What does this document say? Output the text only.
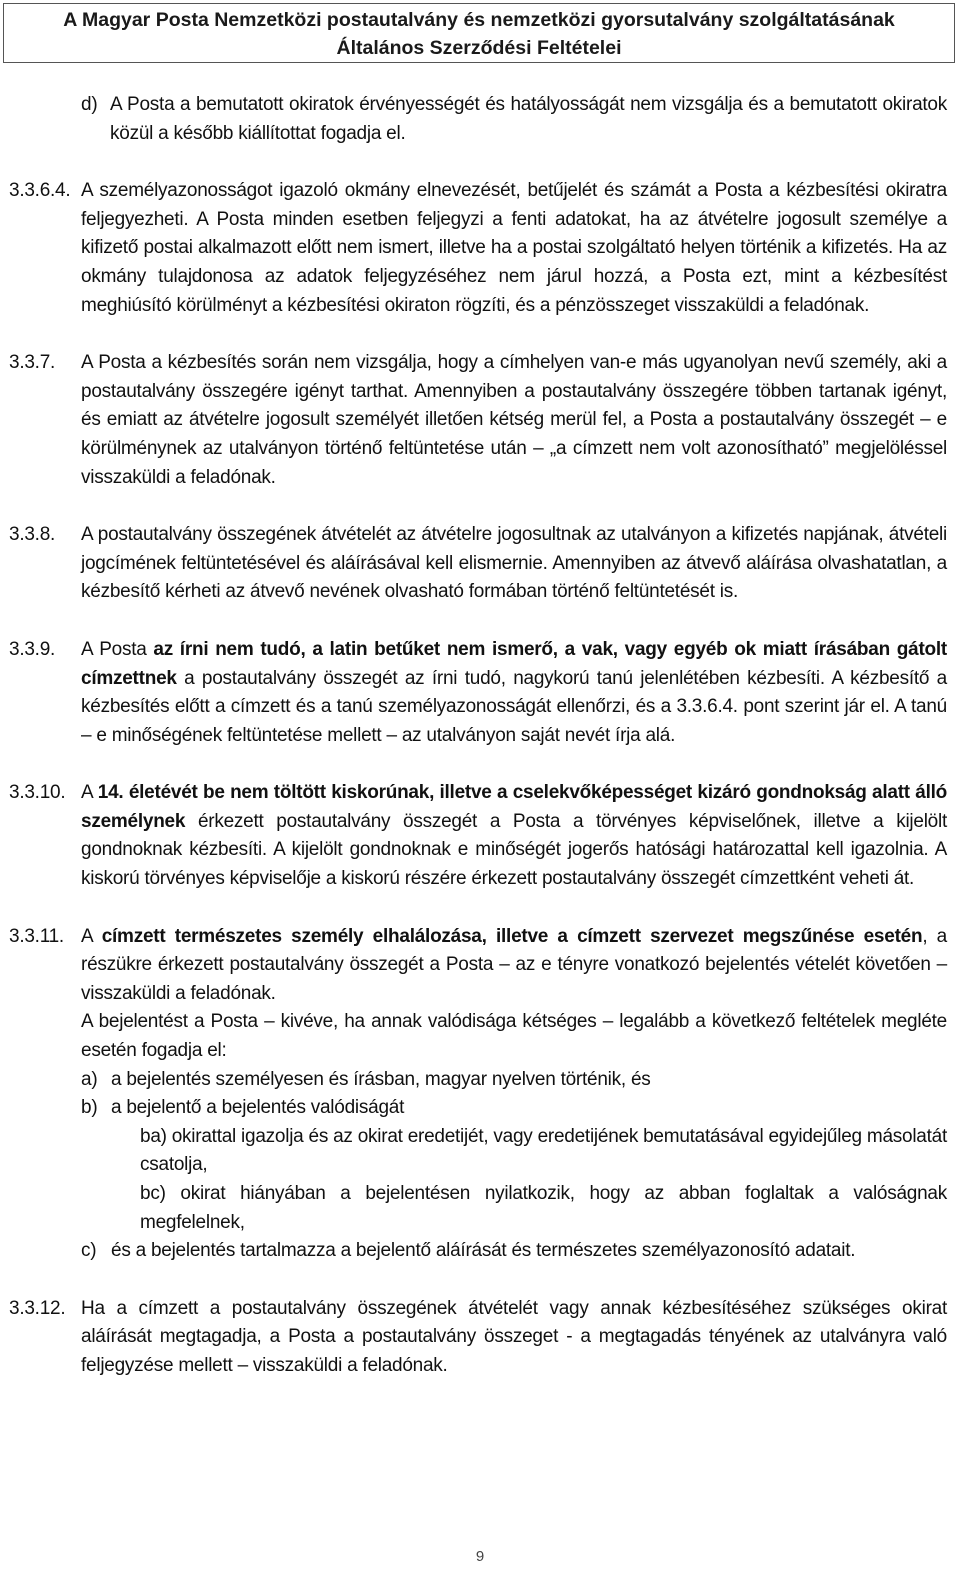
A Magyar Posta Nemzetközi postautalvány és nemzetközi gyorsutalvány szolgáltatásának
Általános Szerződési Feltételei
d) A Posta a bemutatott okiratok érvényességét és hatályosságát nem vizsgálja és a bemutatott okiratok közül a később kiállítottat fogadja el.
3.3.6.4. A személyazonosságot igazoló okmány elnevezését, betűjelét és számát a Posta a kézbesítési okiratra feljegyezheti. A Posta minden esetben feljegyzi a fenti adatokat, ha az átvételre jogosult személye a kifizető postai alkalmazott előtt nem ismert, illetve ha a postai szolgáltató helyen történik a kifizetés. Ha az okmány tulajdonosa az adatok feljegyzéséhez nem járul hozzá, a Posta ezt, mint a kézbesítést meghiúsító körülményt a kézbesítési okiraton rögzíti, és a pénzösszeget visszaküldi a feladónak.
3.3.7.	A Posta a kézbesítés során nem vizsgálja, hogy a címhelyen van-e más ugyanolyan nevű személy, aki a postautalvány összegére igényt tarthat. Amennyiben a postautalvány összegére többen tartanak igényt, és emiatt az átvételre jogosult személyét illetően kétség merül fel, a Posta a postautalvány összegét – e körülménynek az utalványon történő feltüntetése után – „a címzett nem volt azonosítható” megjelöléssel visszaküldi a feladónak.
3.3.8.	A postautalvány összegének átvételét az átvételre jogosultnak az utalványon a kifizetés napjának, átvételi jogcímének feltüntetésével és aláírásával kell elismernie. Amennyiben az átvevő aláírása olvashatatlan, a kézbesítő kérheti az átvevő nevének olvasható formában történő feltüntetését is.
3.3.9.	A Posta az írni nem tudó, a latin betűket nem ismerő, a vak, vagy egyéb ok miatt írásában gátolt címzettnek a postautalvány összegét az írni tudó, nagykorú tanú jelenlétében kézbesíti. A kézbesítő a kézbesítés előtt a címzett és a tanú személyazonosságát ellenőrzi, és a 3.3.6.4. pont szerint jár el. A tanú – e minőségének feltüntetése mellett – az utalványon saját nevét írja alá.
3.3.10. A 14. életévét be nem töltött kiskorúnak, illetve a cselekvőképességet kizáró gondnokság alatt álló személynek érkezett postautalvány összegét a Posta a törvényes képviselőnek, illetve a kijelölt gondnoknak kézbesíti. A kijelölt gondnoknak e minőségét jogerős hatósági határozattal kell igazolnia. A kiskorú törvényes képviselője a kiskorú részére érkezett postautalvány összegét címzettként veheti át.
3.3.11. A címzett természetes személy elhalálozása, illetve a címzett szervezet megszűnése esetén, a részükre érkezett postautalvány összegét a Posta – az e tényre vonatkozó bejelentés vételét követően – visszaküldi a feladónak.
A bejelentést a Posta – kivéve, ha annak valódisága kétséges – legalább a következő feltételek megléte esetén fogadja el:
a) a bejelentés személyesen és írásban, magyar nyelven történik, és
b) a bejelentő a bejelentés valódiságát
ba) okirattal igazolja és az okirat eredetijét, vagy eredetijének bemutatásával egyidejűleg másolatát csatolja,
bc) okirat hiányában a bejelentésen nyilatkozik, hogy az abban foglaltak a valóságnak megfelelnek,
c) és a bejelentés tartalmazza a bejelentő aláírását és természetes személyazonosító adatait.
3.3.12. Ha a címzett a postautalvány összegének átvételét vagy annak kézbesítéséhez szükséges okirat aláírását megtagadja, a Posta a postautalvány összeget - a megtagadás tényének az utalványra való feljegyzése mellett – visszaküldi a feladónak.
9
